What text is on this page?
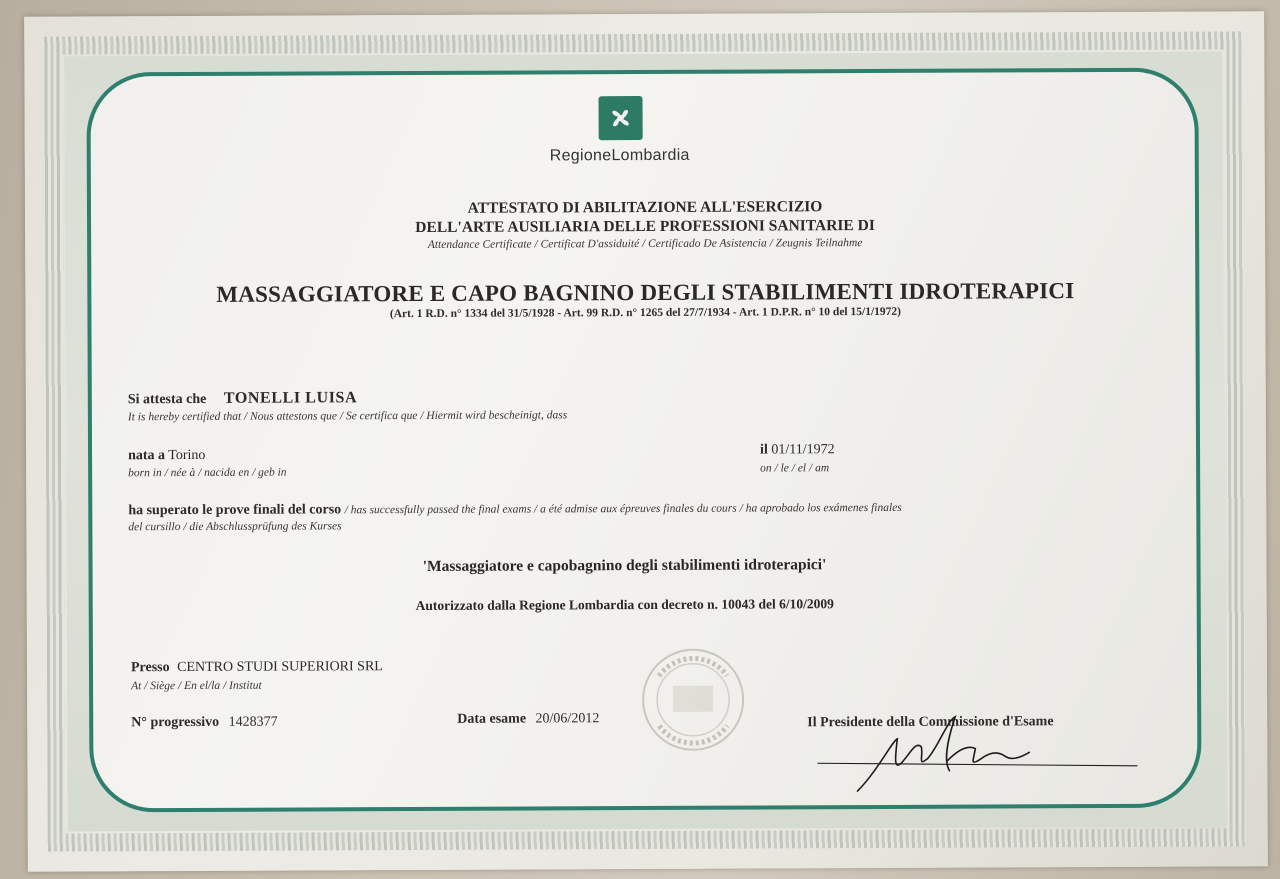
RegioneLombardia
ATTESTATO DI ABILITAZIONE ALL'ESERCIZIO
DELL'ARTE AUSILIARIA DELLE PROFESSIONI SANITARIE DI
Attendance Certificate / Certificat D'assiduité / Certificado De Asistencia / Zeugnis Teilnahme
MASSAGGIATORE E CAPO BAGNINO DEGLI STABILIMENTI IDROTERAPICI
(Art. 1 R.D. n° 1334 del 31/5/1928 - Art. 99 R.D. n° 1265 del 27/7/1934 - Art. 1 D.P.R. n° 10 del 15/1/1972)
Si attesta che TONELLI LUISA
It is hereby certified that / Nous attestons que / Se certifica que / Hiermit wird bescheinigt, dass
nata a Torino
born in / née à / nacida en / geb in
il 01/11/1972
on / le / el / am
ha superato le prove finali del corso / has successfully passed the final exams / a été admise aux épreuves finales du cours / ha aprobado los exámenes finales
del cursillo / die Abschlussprüfung des Kurses
'Massaggiatore e capobagnino degli stabilimenti idroterapici'
Autorizzato dalla Regione Lombardia con decreto n. 10043 del 6/10/2009
Presso CENTRO STUDI SUPERIORI SRL
At / Siège / En el/la / Institut
N° progressivo 1428377	Data esame 20/06/2012	Il Presidente della Commissione d'Esame
